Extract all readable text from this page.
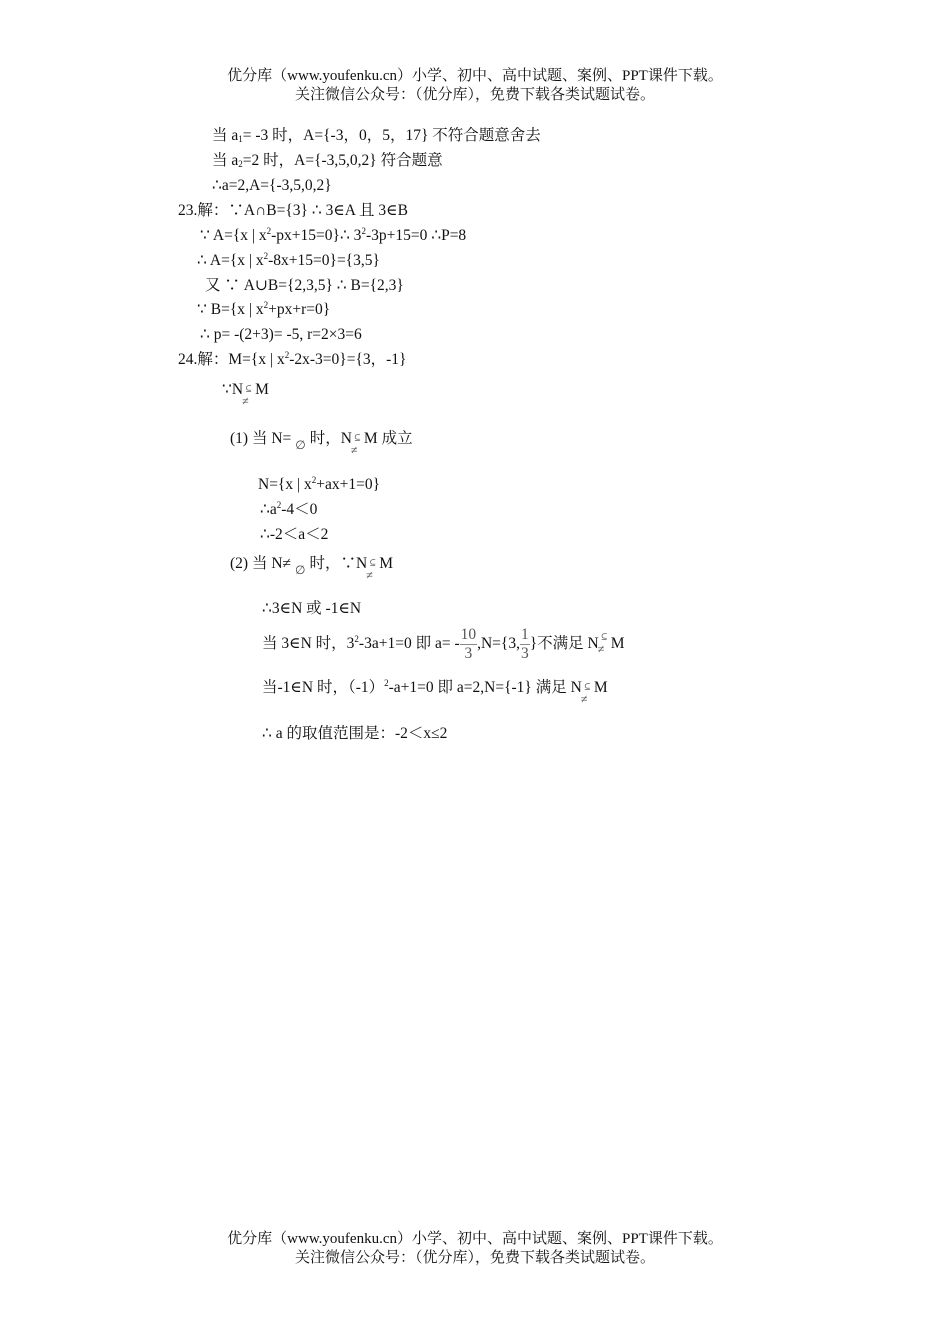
优分库（www.youfenku.cn）小学、初中、高中试题、案例、PPT课件下载。
关注微信公众号：（优分库），免费下载各类试题试卷。
当 $a_1= -3$ 时，A={-3，0，5，17} 不符合题意舍去
当 $a_2=2$ 时，A={-3,5,0,2} 符合题意
∴a=2,A={-3,5,0,2}
23.解：∵A∩B={3} ∴ 3∈A 且 3∈B
∵ A={x | $x^2-px+15=0\}\therefore$ $3^2-3p+15=0$ ∴P=8
∴ A={x | $x^2-8x+15=0\}=\{3,5\}$
又 ∵ A∪B={2,3,5} ∴ B={2,3}
∵ B={x | $x^2+px+r=0$}
∴ p= -(2+3)= -5, r=2×3=6
24.解：M={x | $x^2-2x-3=0\}=\{3$，-1}
∵N ⊆
≠
M
(1) 当 N= ∅ 时，N ⊆
≠
M 成立
N={x | $x^2+ax+1=0$}
$\therefore a^2-4<0$
∴-2＜a＜2
(2) 当 N≠ ∅ 时，∵N ⊆
≠
M
∴3∈N 或 -1∈N
当 3∈N 时，$3^2-3a+1=0$ 即 $a= - \frac{10}{3} ,N=\{3$, $\frac{1}{3}$ }不满足 N ⊆
≠ M
当-1∈N 时，$(-1)^2-a+1=0$ 即 a=2,N={-1} 满足 N ⊆
≠
M
∴ a 的取值范围是：-2＜x≤2
优分库（www.youfenku.cn）小学、初中、高中试题、案例、PPT课件下载。
关注微信公众号：（优分库），免费下载各类试题试卷。
